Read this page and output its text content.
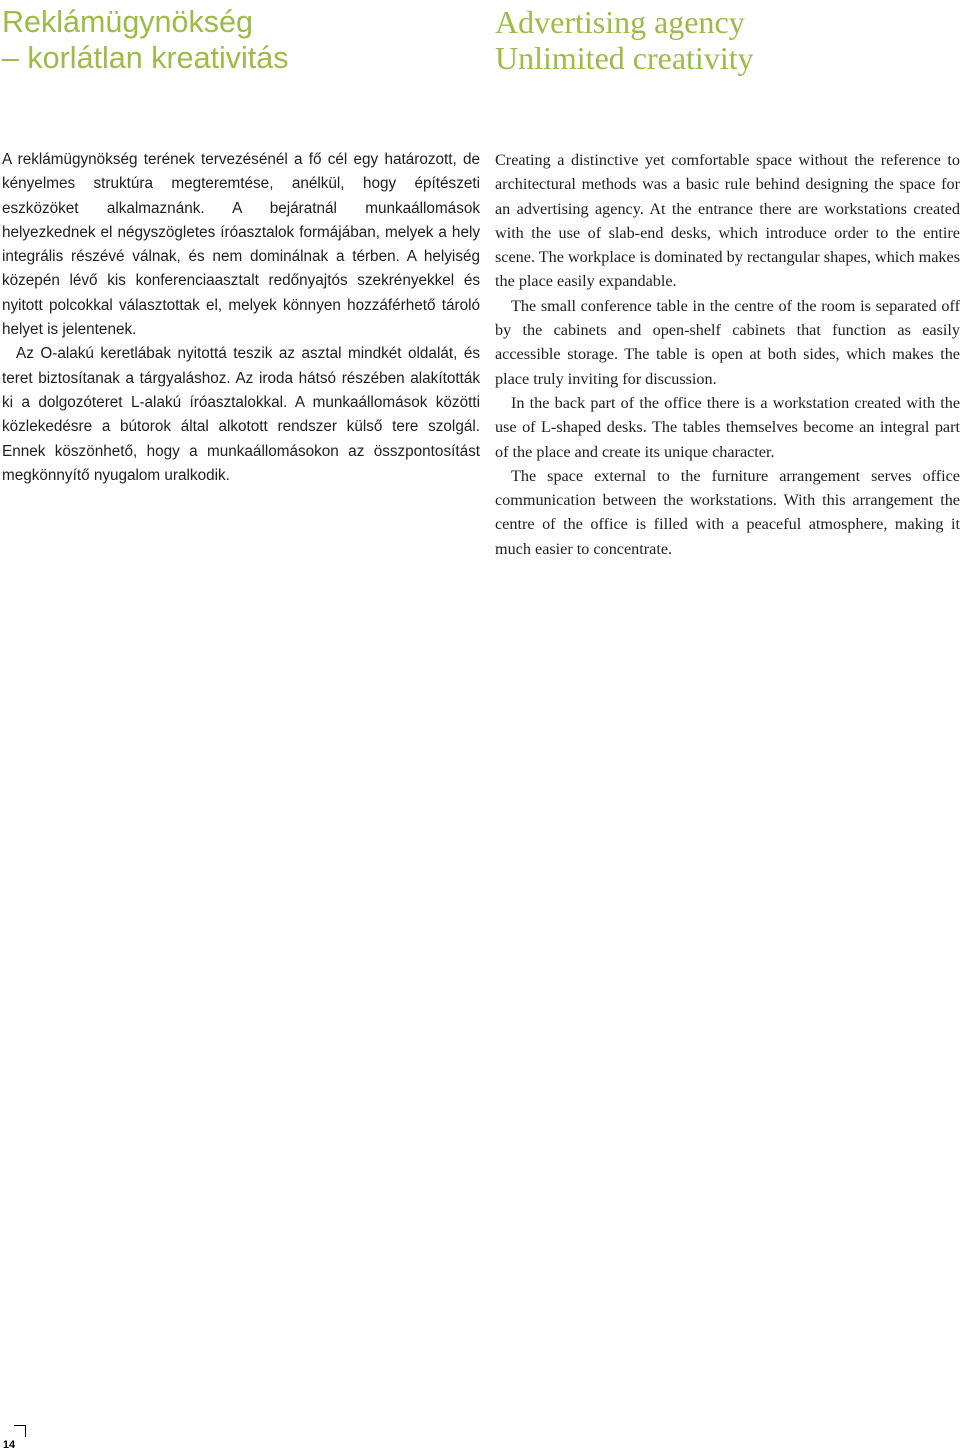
Reklámügynökség
– korlátlan kreativitás
Advertising agency
Unlimited creativity

A reklámügynökség terének tervezésénél a fő cél egy határozott, de kényelmes struktúra megteremtése, anélkül, hogy építészeti eszközöket alkalmaznánk. A bejáratnál munkaállomások helyezkednek el négyszögletes íróasztalok formájában, melyek a hely integrális részévé válnak, és nem dominálnak a térben. A helyiség közepén lévő kis konferenciaasztalt redőnyajtós szekrényekkel és nyitott polcokkal választottak el, melyek könnyen hozzáférhető tároló helyet is jelentenek.

Az O-alakú keretlábak nyitottá teszik az asztal mindkét oldalát, és teret biztosítanak a tárgyaláshoz. Az iroda hátsó részében alakították ki a dolgozóteret L-alakú íróasztalokkal. A munkaállomások közötti közlekedésre a bútorok által alkotott rendszer külső tere szolgál. Ennek köszönhető, hogy a munkaállomásokon az összpontosítást megkönnyítő nyugalom uralkodik.

Creating a distinctive yet comfortable space without the reference to architectural methods was a basic rule behind designing the space for an advertising agency. At the entrance there are workstations created with the use of slab-end desks, which introduce order to the entire scene. The workplace is dominated by rectangular shapes, which makes the place easily expandable.

The small conference table in the centre of the room is separated off by the cabinets and open-shelf cabinets that function as easily accessible storage. The table is open at both sides, which makes the place truly inviting for discussion.

In the back part of the office there is a workstation created with the use of L-shaped desks. The tables themselves become an integral part of the place and create its unique character.

The space external to the furniture arrangement serves office communication between the workstations. With this arrangement the centre of the office is filled with a peaceful atmosphere, making it much easier to concentrate.

14
